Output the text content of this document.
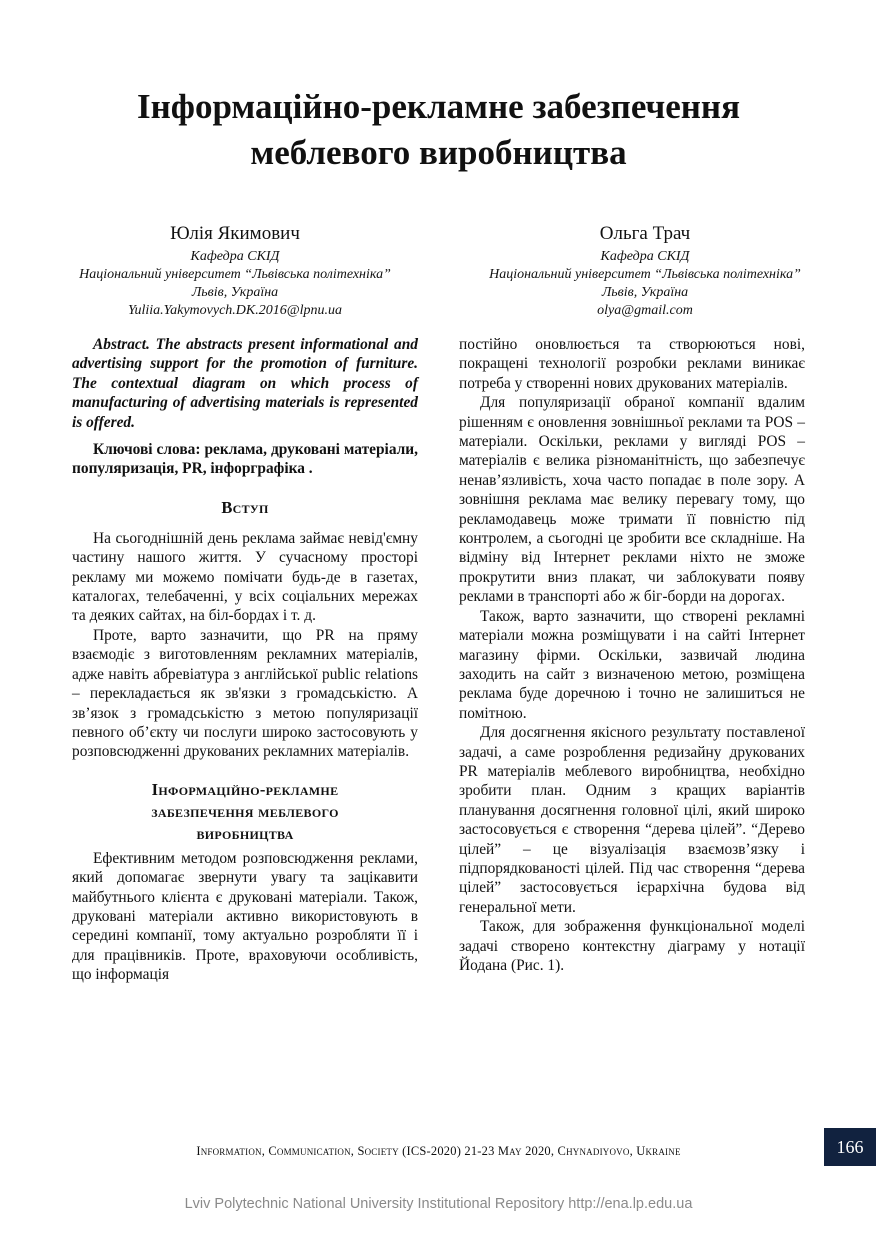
Інформаційно-рекламне забезпечення
меблевого виробництва
Юлія Якимович
Кафедра СКІД
Національний університет “Львівська політехніка”
Львів, Україна
Yuliia.Yakymovych.DK.2016@lpnu.ua
Ольга Трач
Кафедра СКІД
Національний університет “Львівська політехніка”
Львів, Україна
olya@gmail.com

Abstract. The abstracts present informational and advertising support for the promotion of furniture. The contextual diagram on which process of manufacturing of advertising materials is represented is offered.

Ключові слова: реклама, друковані матеріали, популяризація, PR, інфорграфіка .

Вступ

На сьогоднішній день реклама займає невід'ємну частину нашого життя. У сучасному просторі рекламу ми можемо помічати будь-де в газетах, каталогах, телебаченні, у всіх соціальних мережах та деяких сайтах, на біл-бордах і т. д.

Проте, варто зазначити, що PR на пряму взаємодіє з виготовленням рекламних матеріалів, адже навіть абревіатура з англійської public relations – перекладається як зв'язки з громадськістю. А зв’язок з громадськістю з метою популяризації певного об’єкту чи послуги широко застосовують у розповсюдженні друкованих рекламних матеріалів.

Інформаційно-рекламне
забезпечення меблевого
виробництва

Ефективним методом розповсюдження реклами, який допомагає звернути увагу та зацікавити майбутнього клієнта є друковані матеріали. Також, друковані матеріали активно використовують в середині компанії, тому актуально розробляти її і для працівників. Проте, враховуючи особливість, що інформація

постійно оновлюється та створюються нові, покращені технології розробки реклами виникає потреба у створенні нових друкованих матеріалів.

Для популяризації обраної компанії вдалим рішенням є оновлення зовнішньої реклами та POS – матеріали. Оскільки, реклами у вигляді POS – матеріалів є велика різноманітність, що забезпечує ненав’язливість, хоча часто попадає в поле зору. А зовнішня реклама має велику перевагу тому, що рекламодавець може тримати її повністю під контролем, а сьогодні це зробити все складніше. На відміну від Інтернет реклами ніхто не зможе прокрутити вниз плакат, чи заблокувати появу реклами в транспорті або ж біг-борди на дорогах.

Також, варто зазначити, що створені рекламні матеріали можна розміщувати і на сайті Інтернет магазину фірми. Оскільки, зазвичай людина заходить на сайт з визначеною метою, розміщена реклама буде доречною і точно не залишиться не помітною.

Для досягнення якісного результату поставленої задачі, а саме розроблення редизайну друкованих PR матеріалів меблевого виробництва, необхідно зробити план. Одним з кращих варіантів планування досягнення головної цілі, який широко застосовується є створення “дерева цілей”. “Дерево цілей” – це візуалізація взаємозв’язку і підпорядкованості цілей. Під час створення “дерева цілей” застосовується ієрархічна будова від генеральної мети.

Також, для зображення функціональної моделі задачі створено контекстну діаграму у нотації Йодана (Рис. 1).

Information, Communication, Society (ICS-2020) 21-23 May 2020, Chynadiyovo, Ukraine	166
Lviv Polytechnic National University Institutional Repository http://ena.lp.edu.ua
